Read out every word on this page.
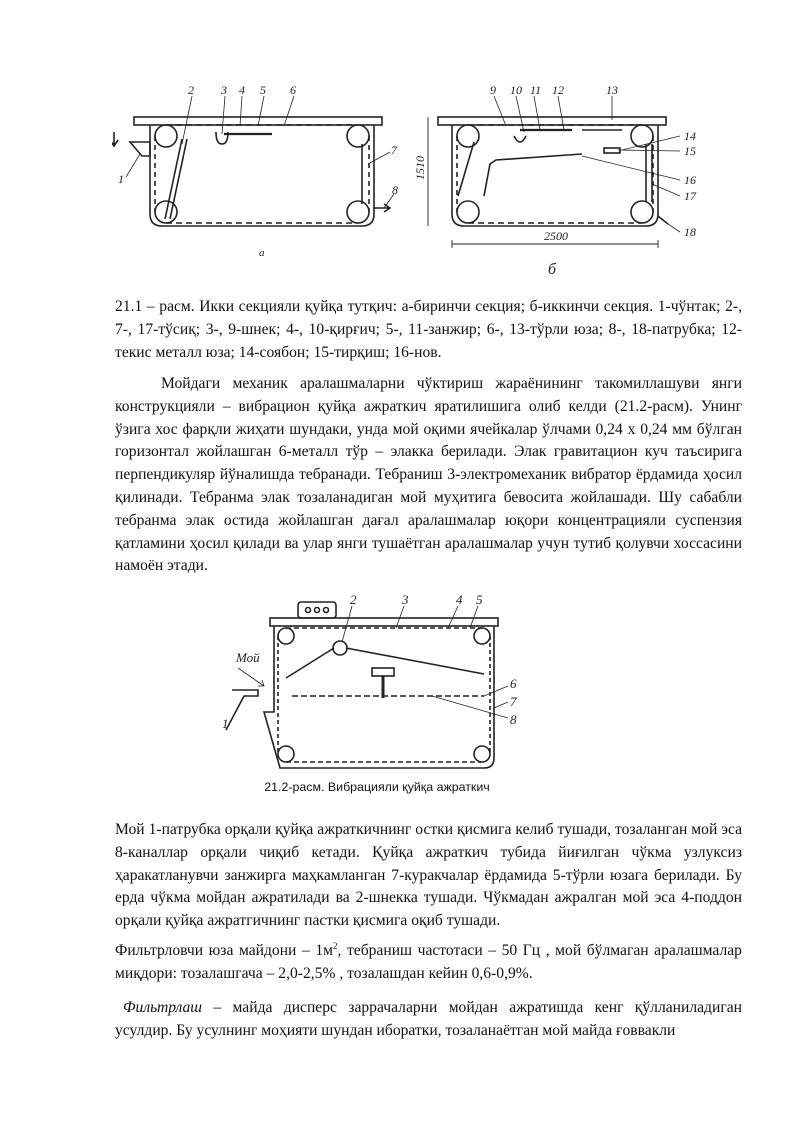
1
2 3 4 5 6
7
8
9 10 11 12	13
14
15
16
17
18
а
б
1510
2500

21.1 – расм. Икки секцияли қуйқа тутқич: а-биринчи секция; б-иккинчи секция. 1-чўнтак; 2-, 7-, 17-тўсиқ; 3-, 9-шнек; 4-, 10-қирғич; 5-, 11-занжир; 6-, 13-тўрли юза; 8-, 18-патрубка; 12-текис металл юза; 14-соябон; 15-тирқиш; 16-нов.

Мойдаги механик аралашмаларни чўктириш жараёнининг такомиллашуви янги конструкцияли – вибрацион қуйқа ажраткич яратилишига олиб келди (21.2-расм). Унинг ўзига хос фарқли жиҳати шундаки, унда мой оқими ячейкалар ўлчами 0,24 х 0,24 мм бўлган горизонтал жойлашган 6-металл тўр – элакка берилади. Элак гравитацион куч таъсирига перпендикуляр йўналишда тебранади. Тебраниш 3-электромеханик вибратор ёрдамида ҳосил қилинади. Тебранма элак тозаланадиган мой муҳитига бевосита жойлашади. Шу сабабли тебранма элак остида жойлашган дағал аралашмалар юқори концентрацияли суспензия қатламини ҳосил қилади ва улар янги тушаётган аралашмалар учун тутиб қолувчи хоссасини намоён этади.

Мой
1
2	3	4 5
6
7
8
21.2-расм. Вибрацияли қуйқа ажраткич

Мой 1-патрубка орқали қуйқа ажраткичнинг остки қисмига келиб тушади, тозаланган мой эса 8-каналлар орқали чиқиб кетади. Қуйқа ажраткич тубида йиғилган чўкма узлуксиз ҳаракатланувчи занжирга маҳкамланган 7-куракчалар ёрдамида 5-тўрли юзага берилади. Бу ерда чўкма мойдан ажратилади ва 2-шнекка тушади. Чўкмадан ажралган мой эса 4-поддон орқали қуйқа ажратгичнинг пастки қисмига оқиб тушади.

Фильтрловчи юза майдони – $1м^2$, тебраниш частотаси – 50 Гц , мой бўлмаган аралашмалар миқдори: тозалашгача – 2,0-2,5% , тозалашдан кейин 0,6-0,9%.

Фильтрлаш – майда дисперс заррачаларни мойдан ажратишда кенг қўлланиладиган усулдир. Бу усулнинг моҳияти шундан иборатки, тозаланаётган мой майда ғоввакли
